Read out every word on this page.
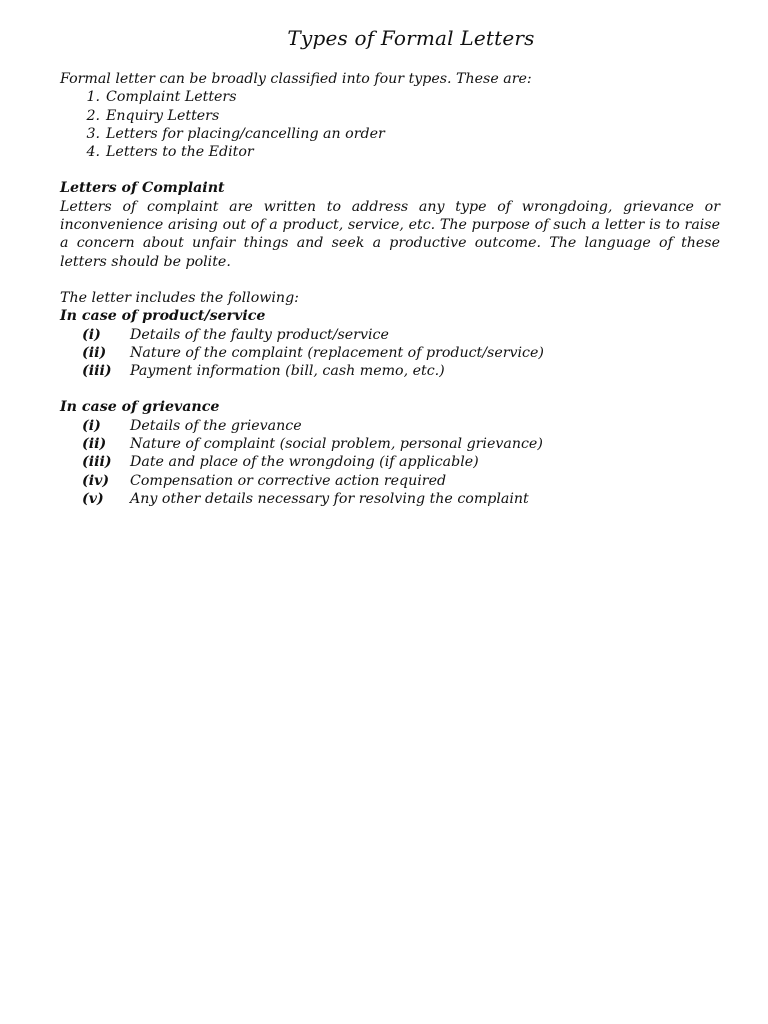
Types of Formal Letters

Formal letter can be broadly classified into four types. These are:

1. Complaint Letters
2. Enquiry Letters
3. Letters for placing/cancelling an order
4. Letters to the Editor

Letters of Complaint

Letters of complaint are written to address any type of wrongdoing, grievance or inconvenience arising out of a product, service, etc. The purpose of such a letter is to raise a concern about unfair things and seek a productive outcome. The language of these letters should be polite.

The letter includes the following:

In case of product/service

(i)	Details of the faulty product/service
(ii)	Nature of the complaint (replacement of product/service)
(iii)	Payment information (bill, cash memo, etc.)

In case of grievance

(i)	Details of the grievance
(ii)	Nature of complaint (social problem, personal grievance)
(iii)	Date and place of the wrongdoing (if applicable)
(iv)	Compensation or corrective action required
(v)	Any other details necessary for resolving the complaint
